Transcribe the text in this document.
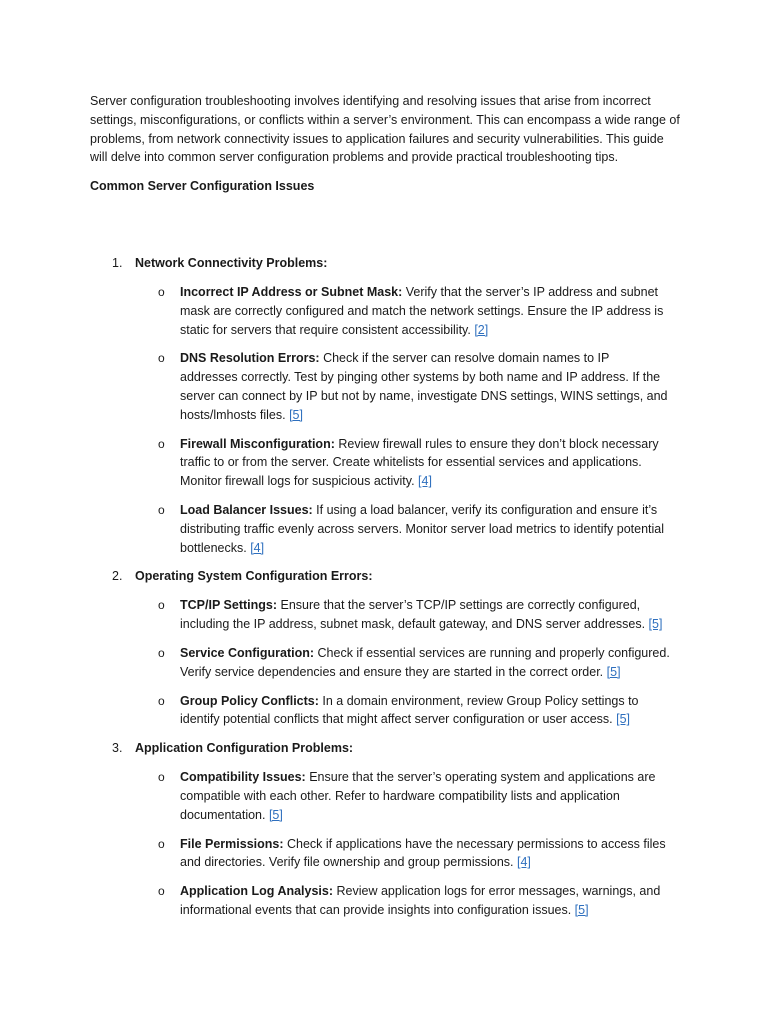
Server configuration troubleshooting involves identifying and resolving issues that arise from incorrect settings, misconfigurations, or conflicts within a server’s environment. This can encompass a wide range of problems, from network connectivity issues to application failures and security vulnerabilities. This guide will delve into common server configuration problems and provide practical troubleshooting tips.

Common Server Configuration Issues

1. Network Connectivity Problems:
o Incorrect IP Address or Subnet Mask: Verify that the server’s IP address and subnet mask are correctly configured and match the network settings. Ensure the IP address is static for servers that require consistent accessibility. [2]
o DNS Resolution Errors: Check if the server can resolve domain names to IP addresses correctly. Test by pinging other systems by both name and IP address. If the server can connect by IP but not by name, investigate DNS settings, WINS settings, and hosts/lmhosts files. [5]
o Firewall Misconfiguration: Review firewall rules to ensure they don’t block necessary traffic to or from the server. Create whitelists for essential services and applications. Monitor firewall logs for suspicious activity. [4]
o Load Balancer Issues: If using a load balancer, verify its configuration and ensure it’s distributing traffic evenly across servers. Monitor server load metrics to identify potential bottlenecks. [4]
2. Operating System Configuration Errors:
o TCP/IP Settings: Ensure that the server’s TCP/IP settings are correctly configured, including the IP address, subnet mask, default gateway, and DNS server addresses. [5]
o Service Configuration: Check if essential services are running and properly configured. Verify service dependencies and ensure they are started in the correct order. [5]
o Group Policy Conflicts: In a domain environment, review Group Policy settings to identify potential conflicts that might affect server configuration or user access. [5]
3. Application Configuration Problems:
o Compatibility Issues: Ensure that the server’s operating system and applications are compatible with each other. Refer to hardware compatibility lists and application documentation. [5]
o File Permissions: Check if applications have the necessary permissions to access files and directories. Verify file ownership and group permissions. [4]
o Application Log Analysis: Review application logs for error messages, warnings, and informational events that can provide insights into configuration issues. [5]
